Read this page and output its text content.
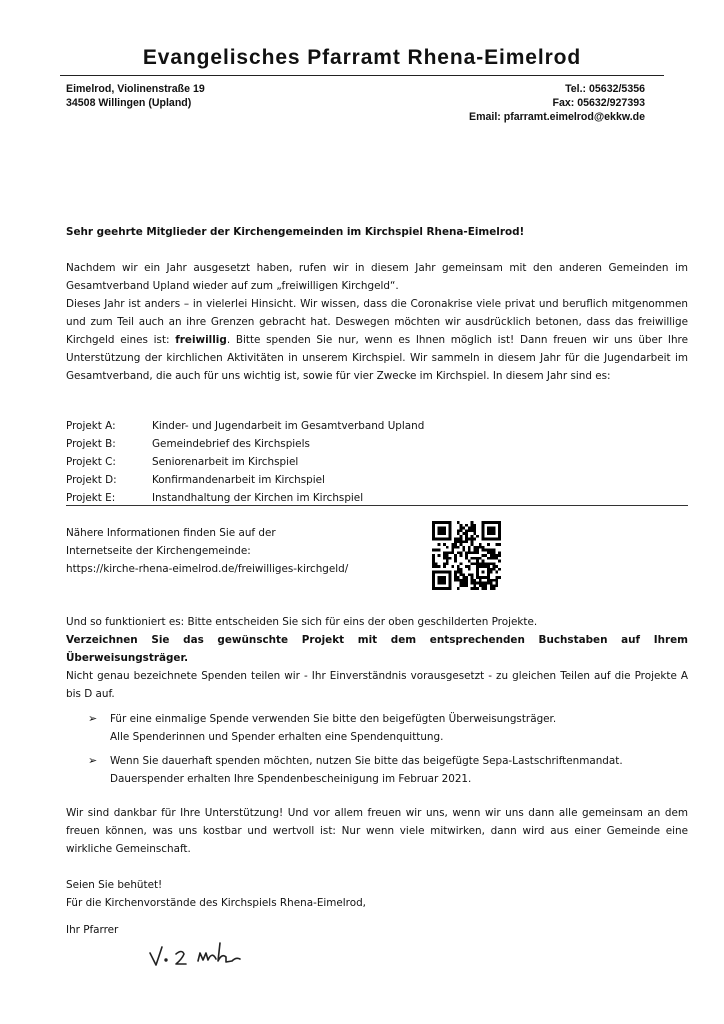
Evangelisches Pfarramt Rhena-Eimelrod
Eimelrod, Violinenstraße 19
34508 Willingen (Upland)
Tel.: 05632/5356
Fax: 05632/927393
Email: pfarramt.eimelrod@ekkw.de
Sehr geehrte Mitglieder der Kirchengemeinden im Kirchspiel Rhena-Eimelrod!
Nachdem wir ein Jahr ausgesetzt haben, rufen wir in diesem Jahr gemeinsam mit den anderen Gemeinden im Gesamtverband Upland wieder auf zum „freiwilligen Kirchgeld“.
Dieses Jahr ist anders – in vielerlei Hinsicht. Wir wissen, dass die Coronakrise viele privat und beruflich mitgenommen und zum Teil auch an ihre Grenzen gebracht hat. Deswegen möchten wir ausdrücklich betonen, dass das freiwillige Kirchgeld eines ist: freiwillig. Bitte spenden Sie nur, wenn es Ihnen möglich ist! Dann freuen wir uns über Ihre Unterstützung der kirchlichen Aktivitäten in unserem Kirchspiel. Wir sammeln in diesem Jahr für die Jugendarbeit im Gesamtverband, die auch für uns wichtig ist, sowie für vier Zwecke im Kirchspiel. In diesem Jahr sind es:
Projekt A:	Kinder- und Jugendarbeit im Gesamtverband Upland
Projekt B:	Gemeindebrief des Kirchspiels
Projekt C:	Seniorenarbeit im Kirchspiel
Projekt D:	Konfirmandenarbeit im Kirchspiel
Projekt E:	Instandhaltung der Kirchen im Kirchspiel
Nähere Informationen finden Sie auf der
Internetseite der Kirchengemeinde:
https://kirche-rhena-eimelrod.de/freiwilliges-kirchgeld/
Und so funktioniert es: Bitte entscheiden Sie sich für eins der oben geschilderten Projekte.
Verzeichnen Sie das gewünschte Projekt mit dem entsprechenden Buchstaben auf Ihrem Überweisungsträger.
Nicht genau bezeichnete Spenden teilen wir - Ihr Einverständnis vorausgesetzt - zu gleichen Teilen auf die Projekte A bis D auf.
➢	Für eine einmalige Spende verwenden Sie bitte den beigefügten Überweisungsträger.
Alle Spenderinnen und Spender erhalten eine Spendenquittung.
➢	Wenn Sie dauerhaft spenden möchten, nutzen Sie bitte das beigefügte Sepa-Lastschriftenmandat.
Dauerspender erhalten Ihre Spendenbescheinigung im Februar 2021.
Wir sind dankbar für Ihre Unterstützung! Und vor allem freuen wir uns, wenn wir uns dann alle gemeinsam an dem freuen können, was uns kostbar und wertvoll ist: Nur wenn viele mitwirken, dann wird aus einer Gemeinde eine wirkliche Gemeinschaft.
Seien Sie behütet!
Für die Kirchenvorstände des Kirchspiels Rhena-Eimelrod,
Ihr Pfarrer
